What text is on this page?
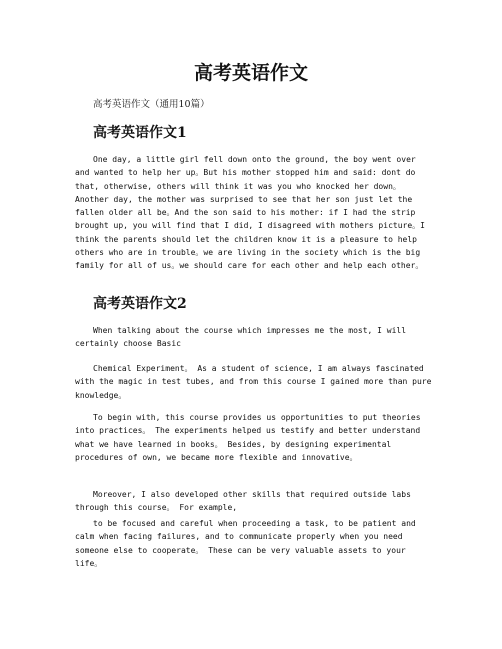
高考英语作文

高考英语作文（通用10篇）

高考英语作文1

One day, a little girl fell down onto the ground, the boy went over and wanted to help her up。But his mother stopped him and said: dont do that, otherwise, others will think it was you who knocked her down。Another day, the mother was surprised to see that her son just let the fallen older all be。And the son said to his mother: if I had the strip brought up, you will find that I did, I disagreed with mothers picture。I think the parents should let the children know it is a pleasure to help others who are in trouble。we are living in the society which is the big family for all of us。we should care for each other and help each other。

高考英语作文2

When talking about the course which impresses me the most, I will certainly choose Basic

Chemical Experiment。 As a student of science, I am always fascinated with the magic in test tubes, and from this course I gained more than pure knowledge。

To begin with, this course provides us opportunities to put theories into practices。 The experiments helped us testify and better understand what we have learned in books。 Besides, by designing experimental procedures of own, we became more flexible and innovative。

Moreover, I also developed other skills that required outside labs through this course。 For example,

to be focused and careful when proceeding a task, to be patient and calm when facing failures, and to communicate properly when you need someone else to cooperate。 These can be very valuable assets to your life。
